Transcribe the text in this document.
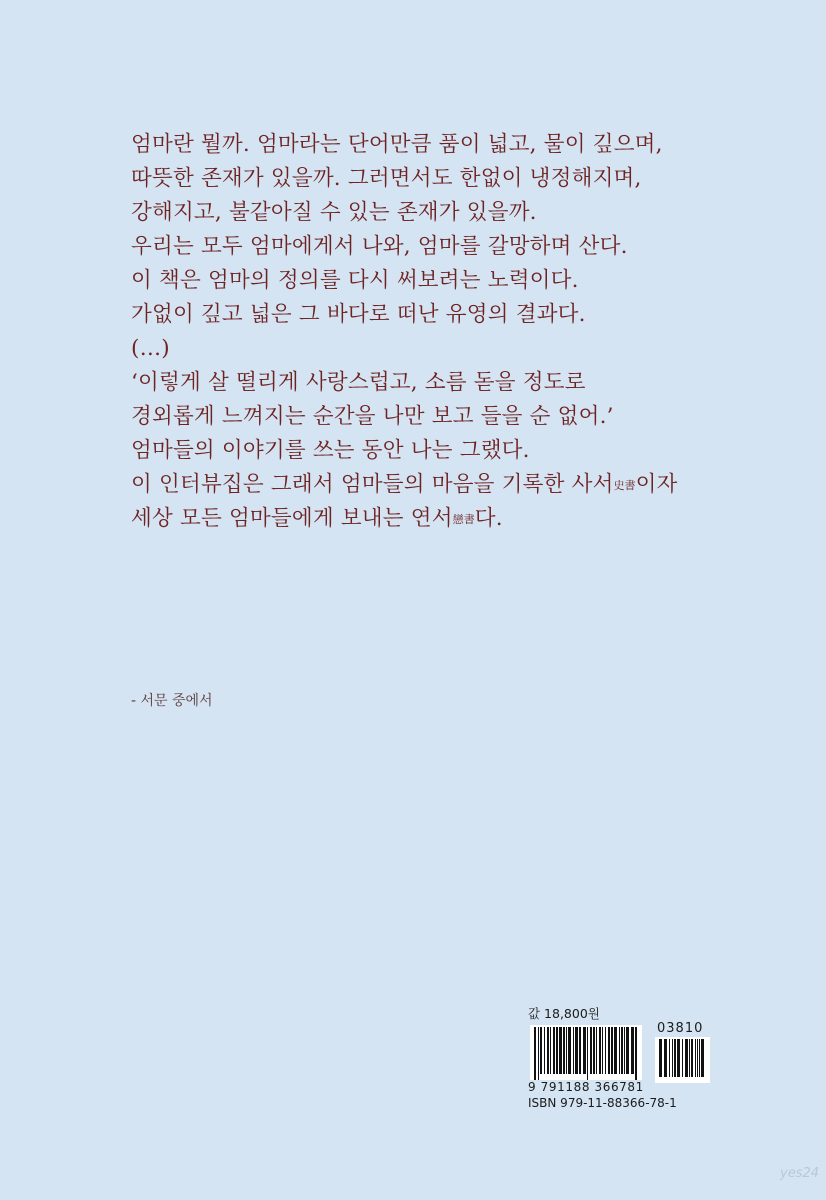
엄마란 뭘까. 엄마라는 단어만큼 품이 넓고, 물이 깊으며,
따뜻한 존재가 있을까. 그러면서도 한없이 냉정해지며,
강해지고, 불같아질 수 있는 존재가 있을까.
우리는 모두 엄마에게서 나와, 엄마를 갈망하며 산다.
이 책은 엄마의 정의를 다시 써보려는 노력이다.
가없이 깊고 넓은 그 바다로 떠난 유영의 결과다.
(…)
‘이렇게 살 떨리게 사랑스럽고, 소름 돋을 정도로
경외롭게 느껴지는 순간을 나만 보고 들을 순 없어.’
엄마들의 이야기를 쓰는 동안 나는 그랬다.
이 인터뷰집은 그래서 엄마들의 마음을 기록한 사서史書이자
세상 모든 엄마들에게 보내는 연서戀書다.
- 서문 중에서
값 18,800원
03810
9 791188 366781
ISBN 979-11-88366-78-1
yes24
